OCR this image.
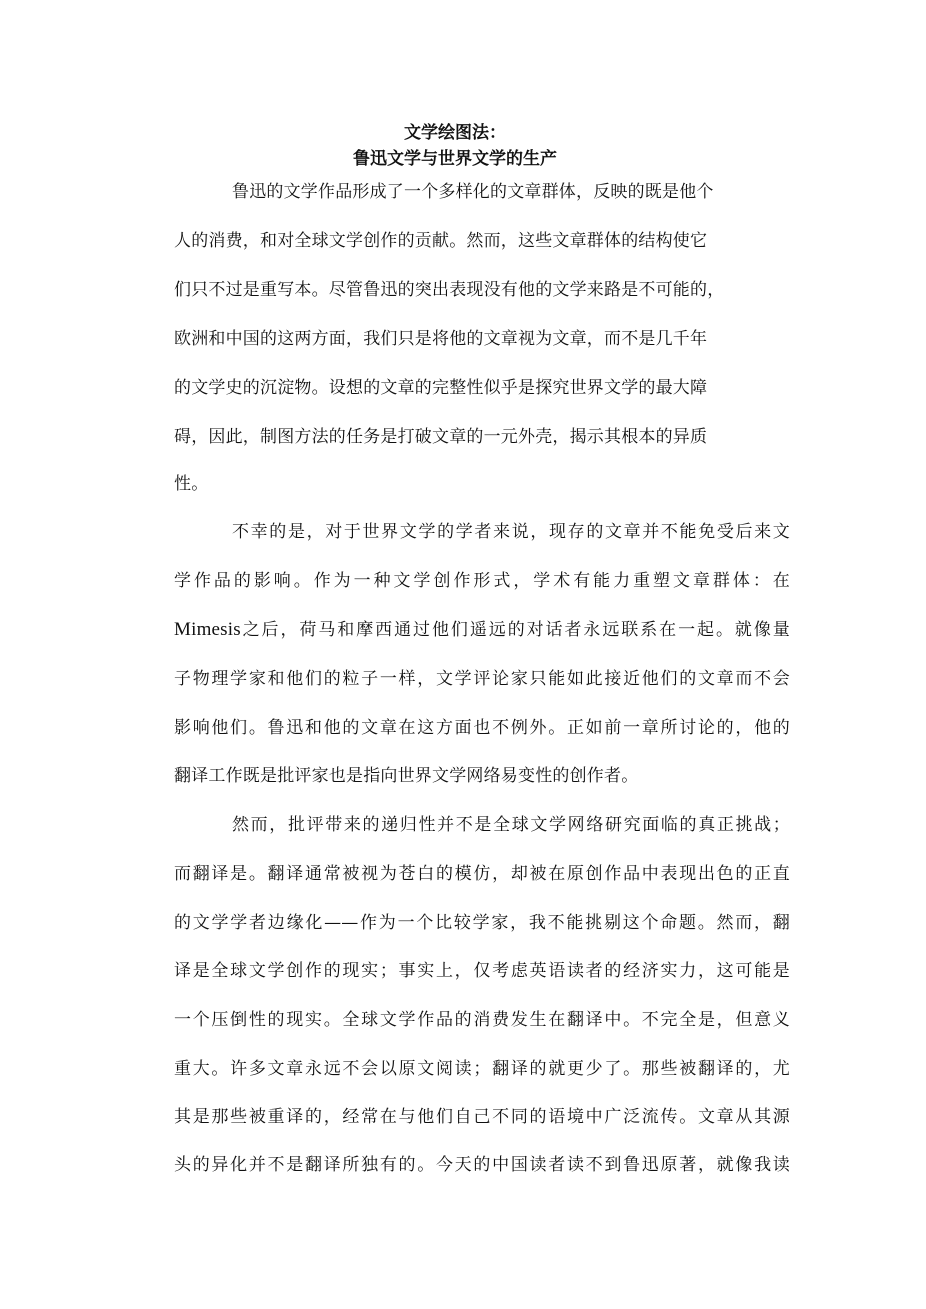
文学绘图法：
鲁迅文学与世界文学的生产
鲁迅的文学作品形成了一个多样化的文章群体，反映的既是他个
人的消费，和对全球文学创作的贡献。然而，这些文章群体的结构使它
们只不过是重写本。尽管鲁迅的突出表现没有他的文学来路是不可能的，
欧洲和中国的这两方面，我们只是将他的文章视为文章，而不是几千年
的文学史的沉淀物。设想的文章的完整性似乎是探究世界文学的最大障
碍，因此，制图方法的任务是打破文章的一元外壳，揭示其根本的异质
性。
不幸的是，对于世界文学的学者来说，现存的文章并不能免受后来文
学作品的影响。作为一种文学创作形式，学术有能力重塑文章群体：在
Mimesis之后，荷马和摩西通过他们遥远的对话者永远联系在一起。就像量
子物理学家和他们的粒子一样，文学评论家只能如此接近他们的文章而不会
影响他们。鲁迅和他的文章在这方面也不例外。正如前一章所讨论的，他的
翻译工作既是批评家也是指向世界文学网络易变性的创作者。
然而，批评带来的递归性并不是全球文学网络研究面临的真正挑战；
而翻译是。翻译通常被视为苍白的模仿，却被在原创作品中表现出色的正直
的文学学者边缘化——作为一个比较学家，我不能挑剔这个命题。然而，翻
译是全球文学创作的现实；事实上，仅考虑英语读者的经济实力，这可能是
一个压倒性的现实。全球文学作品的消费发生在翻译中。不完全是，但意义
重大。许多文章永远不会以原文阅读；翻译的就更少了。那些被翻译的，尤
其是那些被重译的，经常在与他们自己不同的语境中广泛流传。文章从其源
头的异化并不是翻译所独有的。今天的中国读者读不到鲁迅原著，就像我读
